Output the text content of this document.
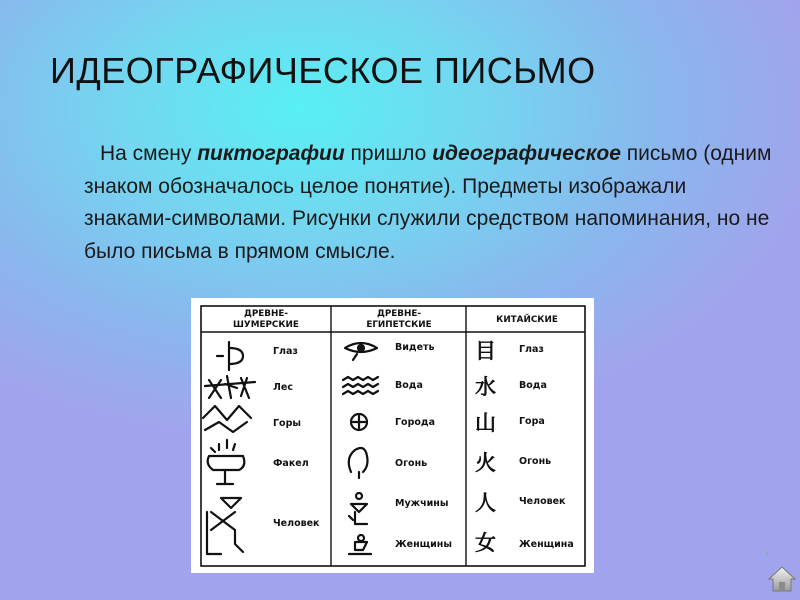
ИДЕОГРАФИЧЕСКОЕ ПИСЬМО
На смену пиктографии пришло идеографическое письмо (одним знаком обозначалось целое понятие). Предметы изображали знаками-символами. Рисунки служили средством напоминания, но не было письма в прямом смысле.
ДРЕВНЕ-
ШУМЕРСКИЕ
ДРЕВНЕ-
ЕГИПЕТСКИЕ	КИТАЙСКИЕ
Глаз
Лес
Горы
Факел
Человек
Видеть
Вода
Города
Огонь
Мужчины
Женщины
目
水
山
火
人
女
Глаз
Вода
Гора
Огонь
Человек
Женщина
